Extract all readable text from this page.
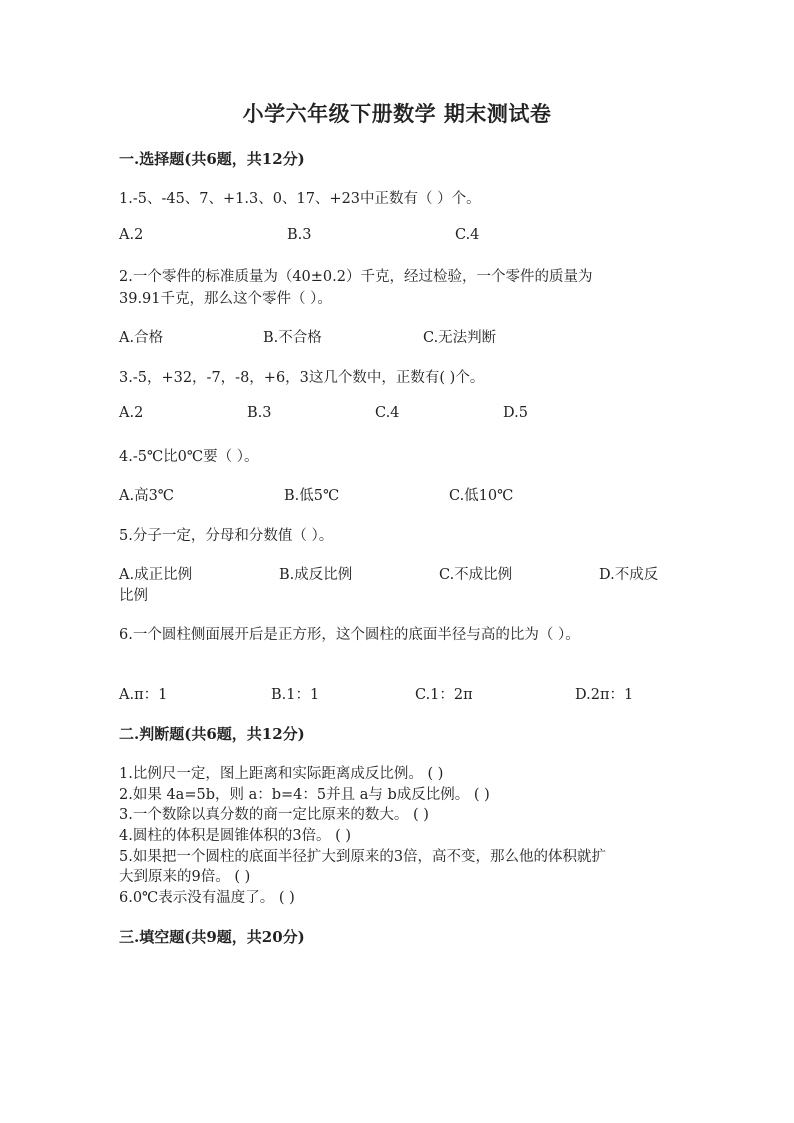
小学六年级下册数学 期末测试卷
一.选择题(共6题，共12分)
1.-5、-45、7、+1.3、0、17、+23中正数有（ ）个。
A.2	B.3	C.4
2.一个零件的标准质量为（40±0.2）千克，经过检验，一个零件的质量为
39.91千克，那么这个零件（ ）。
A.合格	B.不合格	C.无法判断
3.-5，+32，-7，-8，+6，3这几个数中，正数有( )个。
A.2	B.3	C.4	D.5
4.-5℃比0℃要（ ）。
A.高3℃	B.低5℃	C.低10℃
5.分子一定，分母和分数值（ ）。
A.成正比例	B.成反比例	C.不成比例	D.不成反
比例
6.一个圆柱侧面展开后是正方形，这个圆柱的底面半径与高的比为（ ）。
A.π：1	B.1：1	C.1：2π	D.2π：1
二.判断题(共6题，共12分)
1.比例尺一定，图上距离和实际距离成反比例。 ( )
2.如果 4a=5b，则 a：b=4：5并且 a与 b成反比例。 ( )
3.一个数除以真分数的商一定比原来的数大。 ( )
4.圆柱的体积是圆锥体积的3倍。 ( )
5.如果把一个圆柱的底面半径扩大到原来的3倍，高不变，那么他的体积就扩
大到原来的9倍。 ( )
6.0℃表示没有温度了。 ( )
三.填空题(共9题，共20分)
